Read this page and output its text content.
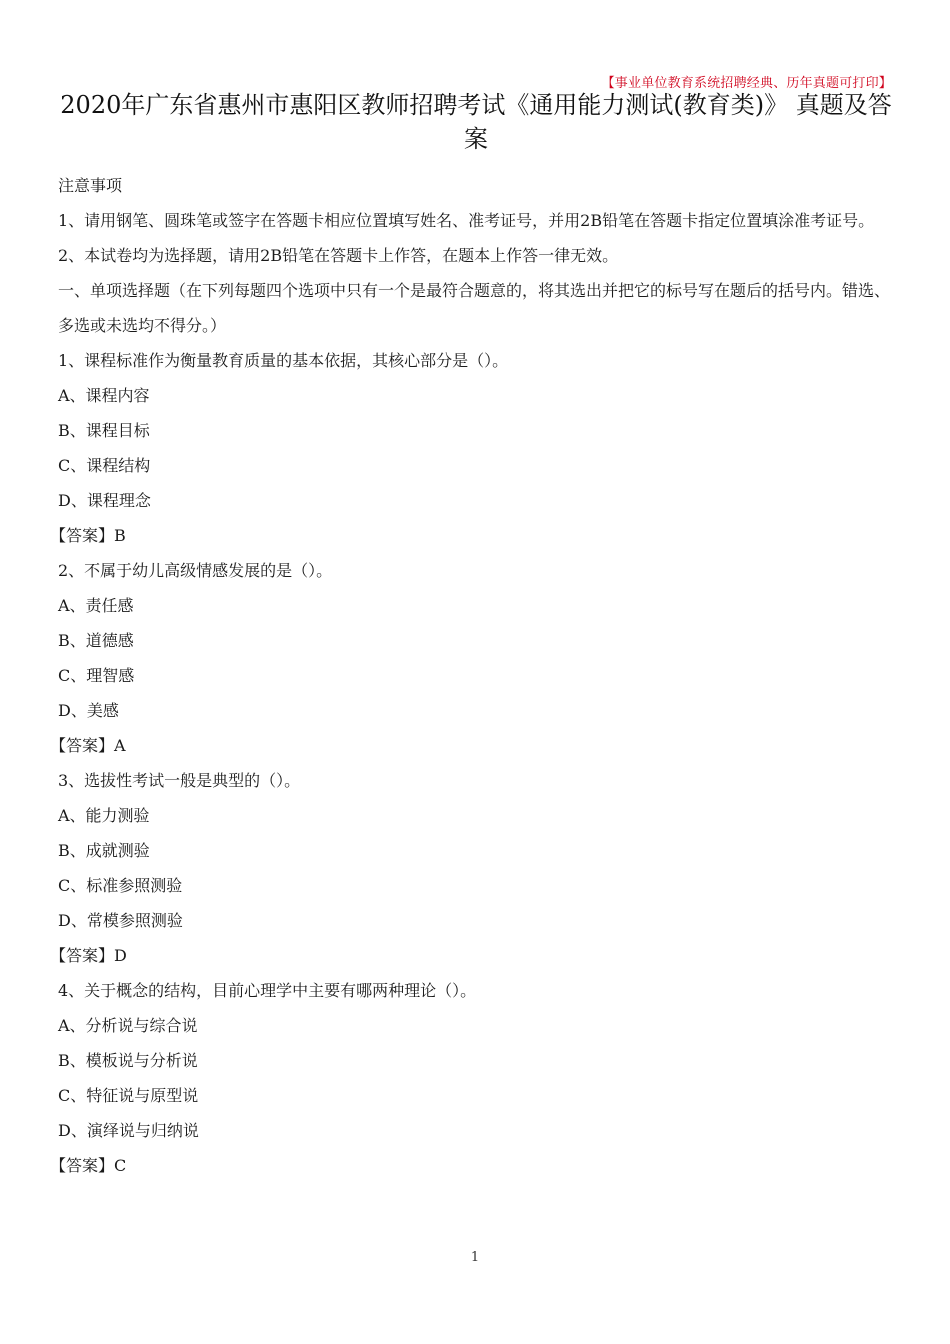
【事业单位教育系统招聘经典、历年真题可打印】
2020年广东省惠州市惠阳区教师招聘考试《通用能力测试(教育类)》 真题及答案

注意事项

1、请用钢笔、圆珠笔或签字在答题卡相应位置填写姓名、准考证号，并用2B铅笔在答题卡指定位置填涂准考证号。

2、本试卷均为选择题，请用2B铅笔在答题卡上作答，在题本上作答一律无效。

一、单项选择题（在下列每题四个选项中只有一个是最符合题意的，将其选出并把它的标号写在题后的括号内。错选、多选或未选均不得分。）

1、课程标准作为衡量教育质量的基本依据，其核心部分是（）。

A、课程内容

B、课程目标

C、课程结构

D、课程理念

【答案】B

2、不属于幼儿高级情感发展的是（）。

A、责任感

B、道德感

C、理智感

D、美感

【答案】A

3、选拔性考试一般是典型的（）。

A、能力测验

B、成就测验

C、标准参照测验

D、常模参照测验

【答案】D

4、关于概念的结构，目前心理学中主要有哪两种理论（）。

A、分析说与综合说

B、模板说与分析说

C、特征说与原型说

D、演绎说与归纳说

【答案】C

1
